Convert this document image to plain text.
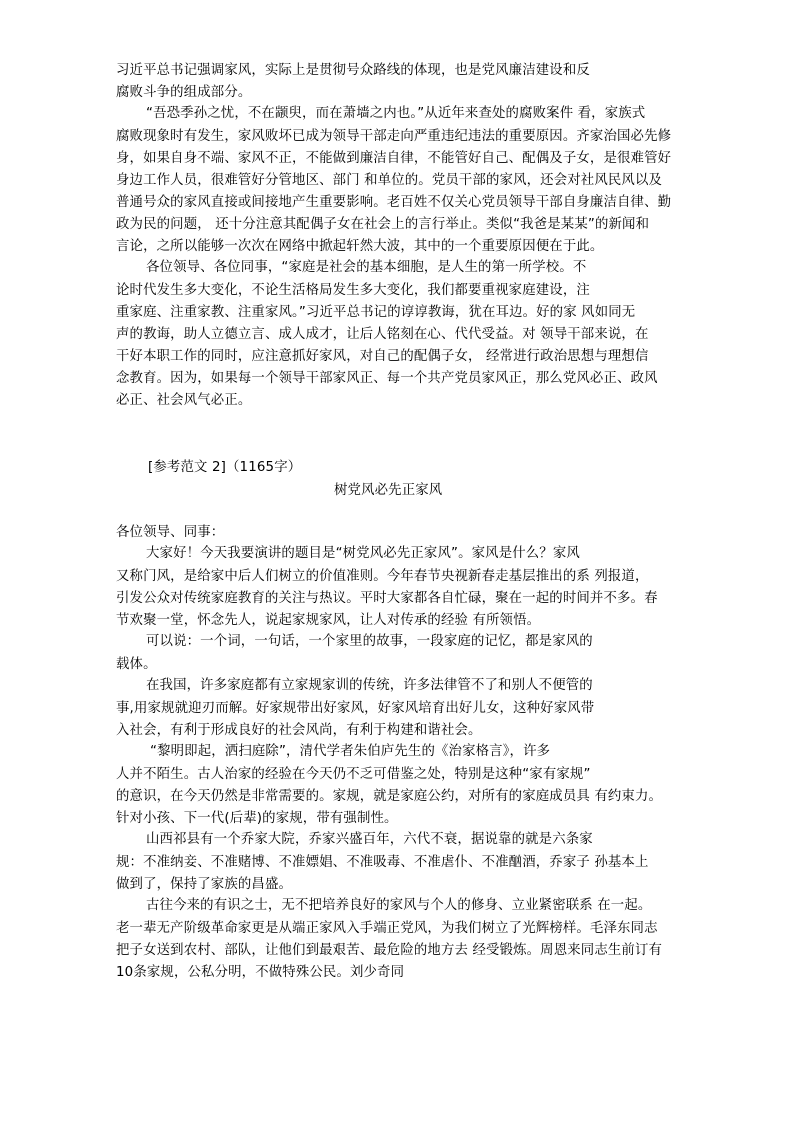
习近平总书记强调家风，实际上是贯彻号众路线的体现，也是党风廉洁建设和反
腐败斗争的组成部分。
“吾恐季孙之忧，不在颛臾，而在萧墙之内也。”从近年来查处的腐败案件 看，家族式
腐败现象时有发生，家风败坏已成为领导干部走向严重违纪违法的重要原因。齐家治国必先修
身，如果自身不端、家风不正，不能做到廉洁自律，不能管好自己、配偶及子女，是很难管好
身边工作人员，很难管好分管地区、部门 和单位的。党员干部的家风，还会对社风民风以及
普通号众的家风直接或间接地产生重要影响。老百姓不仅关心党员领导干部自身廉洁自律、勤
政为民的问题， 还十分注意其配偶子女在社会上的言行举止。类似“我爸是某某”的新闻和
言论，之所以能够一次次在网络中掀起轩然大波，其中的一个重要原因便在于此。
各位领导、各位同事，“家庭是社会的基本细胞，是人生的第一所学校。不
论时代发生多大变化，不论生活格局发生多大变化，我们都要重视家庭建设，注
重家庭、注重家教、注重家风。”习近平总书记的谆谆教诲，犹在耳边。好的家 风如同无
声的教诲，助人立德立言、成人成才，让后人铭刻在心、代代受益。对 领导干部来说，在
干好本职工作的同时，应注意抓好家风，对自己的配偶子女， 经常进行政治思想与理想信
念教育。因为，如果每一个领导干部家风正、每一个共产党员家风正，那么党风必正、政风
必正、社会风气必正。
[参考范文 2]（1165字）
树党风必先正家风
各位领导、同事：
大家好！今天我要演讲的题目是“树党风必先正家风”。家风是什么？家风
又称门风，是给家中后人们树立的价值准则。今年春节央视新春走基层推出的系 列报道，
引发公众对传统家庭教育的关注与热议。平时大家都各自忙碌，聚在一起的时间并不多。春
节欢聚一堂，怀念先人，说起家规家风，让人对传承的经验 有所领悟。
可以说：一个词，一句话，一个家里的故事，一段家庭的记忆，都是家风的
载体。
在我国，许多家庭都有立家规家训的传统，许多法律管不了和别人不便管的
事,用家规就迎刃而解。好家规带出好家风，好家风培育出好儿女，这种好家风带
入社会，有利于形成良好的社会风尚，有利于构建和谐社会。
“黎明即起，洒扫庭除”，清代学者朱伯庐先生的《治家格言》，许多
人并不陌生。古人治家的经验在今天仍不乏可借鉴之处，特别是这种“家有家规”
的意识，在今天仍然是非常需要的。家规，就是家庭公约，对所有的家庭成员具 有约束力。
针对小孩、下一代(后辈)的家规，带有强制性。
山西祁县有一个乔家大院，乔家兴盛百年，六代不衰，据说靠的就是六条家
规：不准纳妾、不准赌博、不准嫖娼、不准吸毒、不准虐仆、不准酗酒，乔家子 孙基本上
做到了，保持了家族的昌盛。
古往今来的有识之士，无不把培养良好的家风与个人的修身、立业紧密联系 在一起。
老一辈无产阶级革命家更是从端正家风入手端正党风，为我们树立了光辉榜样。毛泽东同志
把子女送到农村、部队，让他们到最艰苦、最危险的地方去 经受锻炼。周恩来同志生前订有
10条家规，公私分明，不做特殊公民。刘少奇同
